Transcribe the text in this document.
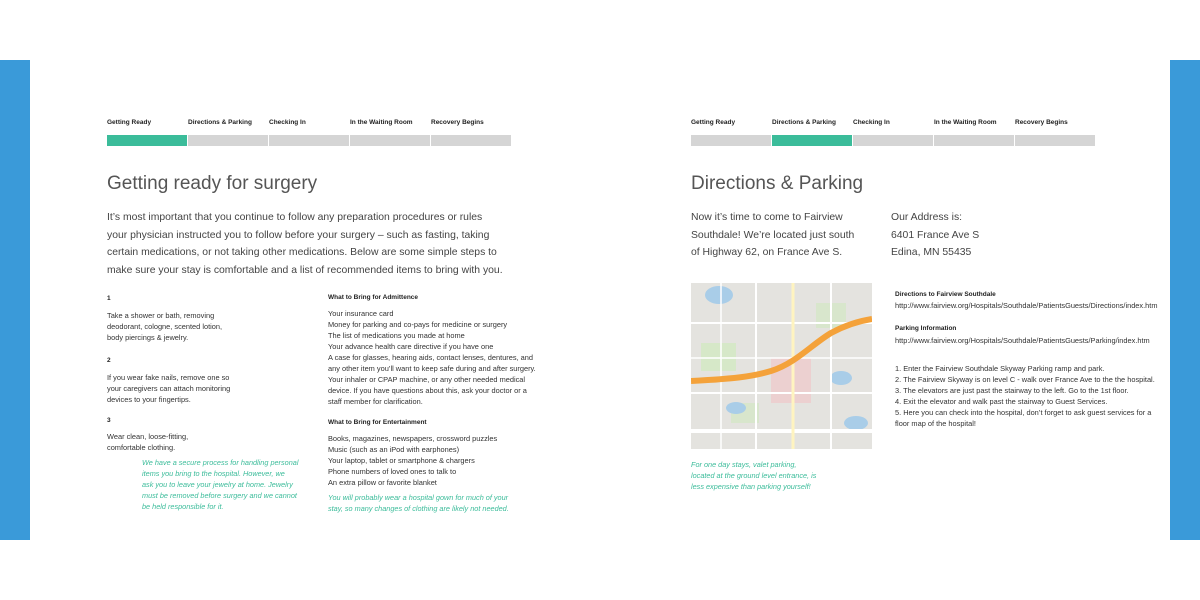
Getting Ready	Directions & Parking	Checking In	In the Waiting Room	Recovery Begins
Getting ready for surgery
It’s most important that you continue to follow any preparation procedures or rules
your physician instructed you to follow before your surgery – such as fasting, taking
certain medications, or not taking other medications. Below are some simple steps to
make sure your stay is comfortable and a list of recommended items to bring with you.
1
Take a shower or bath, removing
deodorant, cologne, scented lotion,
body piercings & jewelry.
2
If you wear fake nails, remove one so
your caregivers can attach monitoring
devices to your fingertips.
3
Wear clean, loose-fitting,
comfortable clothing.
We have a secure process for handling personal
items you bring to the hospital. However, we
ask you to leave your jewelry at home. Jewelry
must be removed before surgery and we cannot
be held responsible for it.
What to Bring for Admittence
Your insurance card
Money for parking and co-pays for medicine or surgery
The list of medications you made at home
Your advance health care directive if you have one
A case for glasses, hearing aids, contact lenses, dentures, and
any other item you’ll want to keep safe during and after surgery.
Your inhaler or CPAP machine, or any other needed medical
device. If you have questions about this, ask your doctor or a
staff member for clarification.
What to Bring for Entertainment
Books, magazines, newspapers, crossword puzzles
Music (such as an iPod with earphones)
Your laptop, tablet or smartphone & chargers
Phone numbers of loved ones to talk to
An extra pillow or favorite blanket
You will probably wear a hospital gown for much of your
stay, so many changes of clothing are likely not needed.
Getting Ready	Directions & Parking	Checking In	In the Waiting Room	Recovery Begins
Directions & Parking
Now it’s time to come to Fairview
Southdale! We’re located just south
of Highway 62, on France Ave S.
Our Address is:
6401 France Ave S
Edina, MN 55435
For one day stays, valet parking,
located at the ground level entrance, is
less expensive than parking yourself!
Directions to Fairview Southdale
http://www.fairview.org/Hospitals/Southdale/PatientsGuests/Directions/index.htm
Parking Information
http://www.fairview.org/Hospitals/Southdale/PatientsGuests/Parking/index.htm
1. Enter the Fairview Southdale Skyway Parking ramp and park.
2. The Fairview Skyway is on level C - walk over France Ave to the the hospital.
3. The elevators are just past the stairway to the left. Go to the 1st floor.
4. Exit the elevator and walk past the stairway to Guest Services.
5. Here you can check into the hospital, don’t forget to ask guest services for a
floor map of the hospital!
